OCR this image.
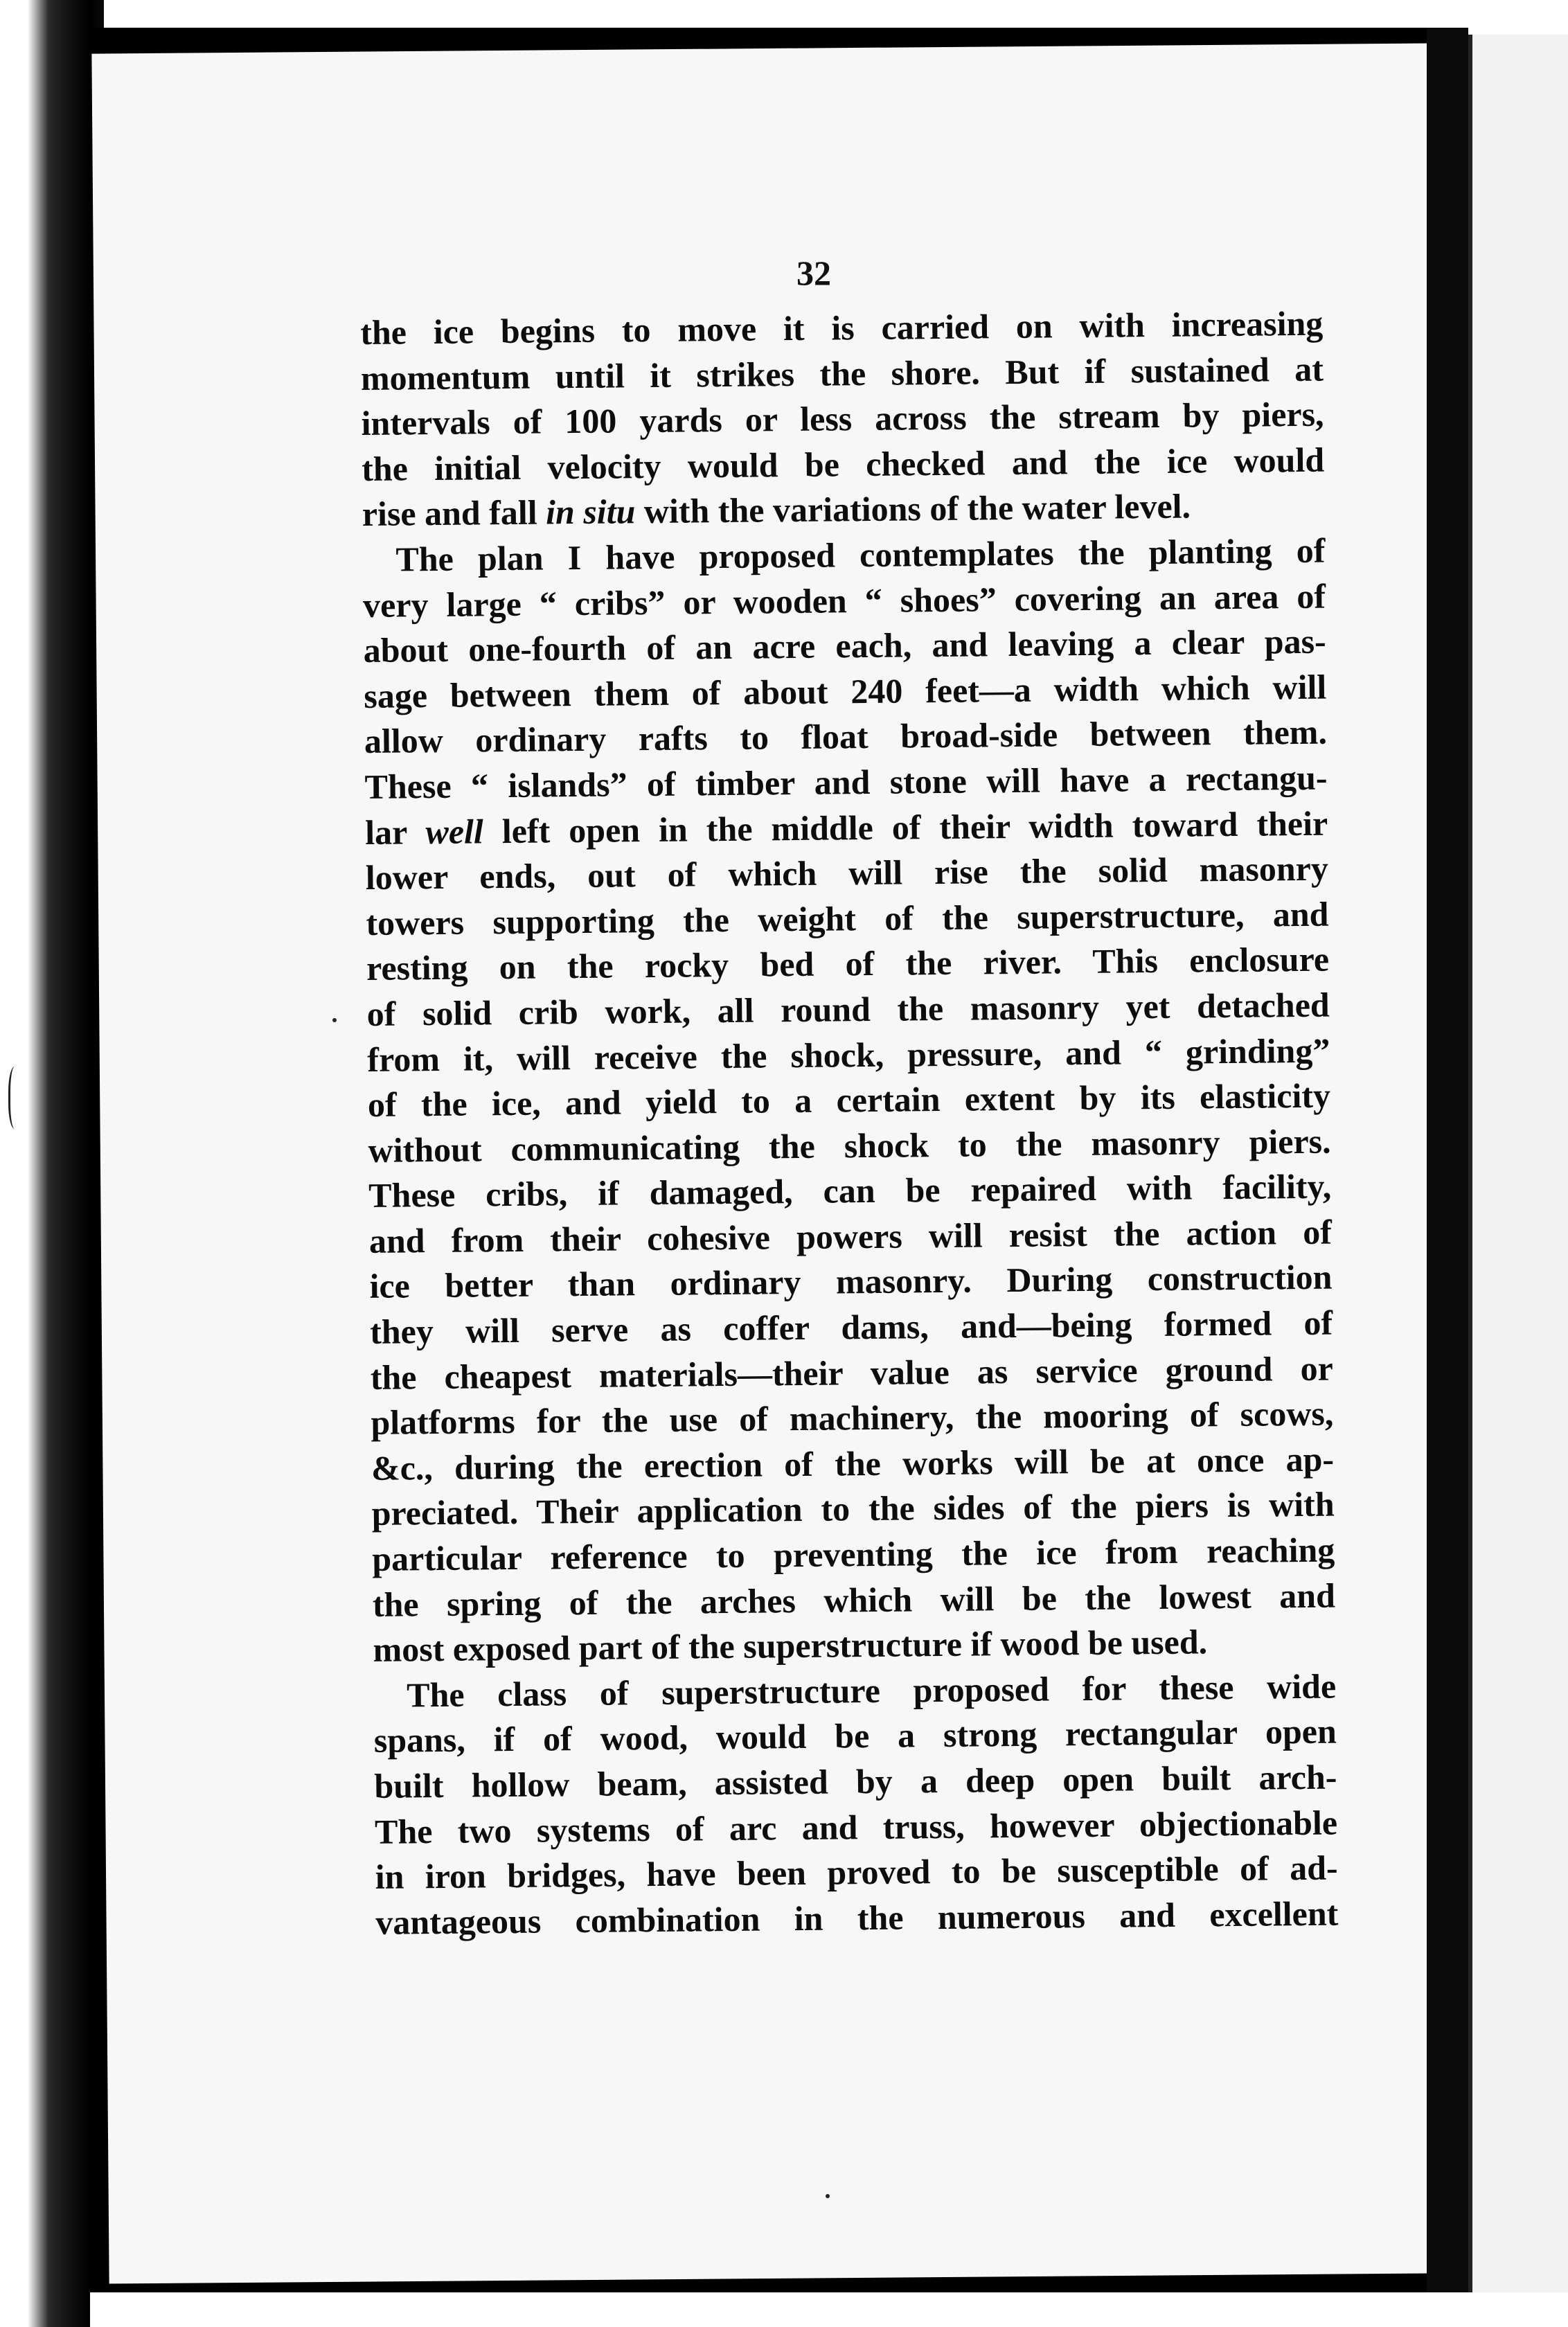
32

the ice begins to move it is carried on with increasing

momentum until it strikes the shore. But if sustained at

intervals of 100 yards or less across the stream by piers,

the initial velocity would be checked and the ice would

rise and fall in situ with the variations of the water level.

The plan I have proposed contemplates the planting of

very large “ cribs” or wooden “ shoes” covering an area of

about one-fourth of an acre each, and leaving a clear pas-

sage between them of about 240 feet—a width which will

allow ordinary rafts to float broad-side between them.

These “ islands” of timber and stone will have a rectangu-

lar well left open in the middle of their width toward their

lower ends, out of which will rise the solid masonry

towers supporting the weight of the superstructure, and

resting on the rocky bed of the river. This enclosure

of solid crib work, all round the masonry yet detached

from it, will receive the shock, pressure, and “ grinding”

of the ice, and yield to a certain extent by its elasticity

without communicating the shock to the masonry piers.

These cribs, if damaged, can be repaired with facility,

and from their cohesive powers will resist the action of

ice better than ordinary masonry. During construction

they will serve as coffer dams, and—being formed of

the cheapest materials—their value as service ground or

platforms for the use of machinery, the mooring of scows,

&c., during the erection of the works will be at once ap-

preciated. Their application to the sides of the piers is with

particular reference to preventing the ice from reaching

the spring of the arches which will be the lowest and

most exposed part of the superstructure if wood be used.

The class of superstructure proposed for these wide

spans, if of wood, would be a strong rectangular open

built hollow beam, assisted by a deep open built arch-

The two systems of arc and truss, however objectionable

in iron bridges, have been proved to be susceptible of ad-

vantageous combination in the numerous and excellent
